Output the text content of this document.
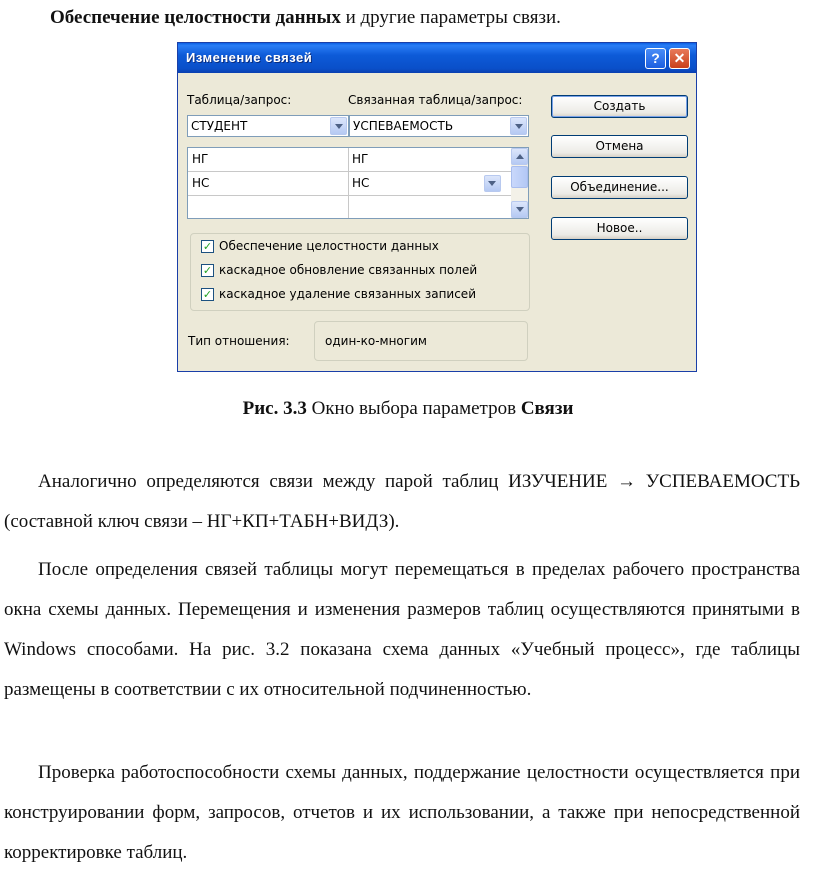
Обеспечение целостности данных и другие параметры связи.
Изменение связей	? ✕
Таблица/запрос:	Связанная таблица/запрос:
СТУДЕНТ	УСПЕВАЕМОСТЬ
НГ	НГ
НС	НС
✓ Обеспечение целостности данных
✓ каскадное обновление связанных полей
✓ каскадное удаление связанных записей
Тип отношения:	один-ко-многим
Создать
Отмена
Объединение...
Новое..
Рис. 3.3 Окно выбора параметров Связи

Аналогично определяются связи между парой таблиц ИЗУЧЕНИЕ → УСПЕВАЕМОСТЬ (составной ключ связи – НГ+КП+ТАБН+ВИДЗ).

После определения связей таблицы могут перемещаться в пределах рабочего пространства окна схемы данных. Перемещения и изменения размеров таблиц осуществляются принятыми в Windows способами. На рис. 3.2 показана схема данных «Учебный процесс», где таблицы размещены в соответствии с их относительной подчиненностью.

Проверка работоспособности схемы данных, поддержание целостности осуществляется при конструировании форм, запросов, отчетов и их использовании, а также при непосредственной корректировке таблиц.
